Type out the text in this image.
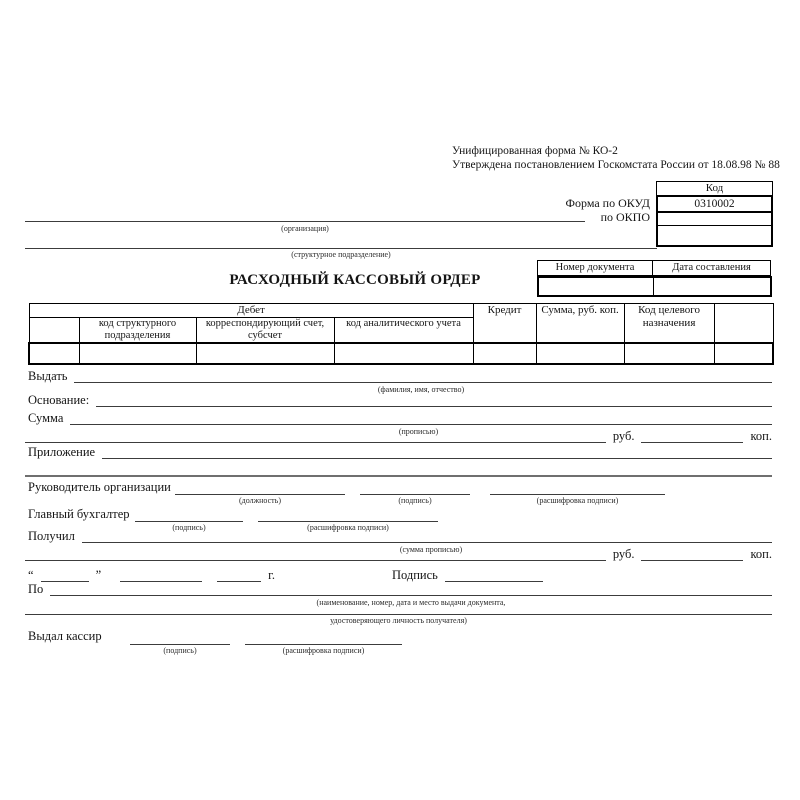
Унифицированная форма № КО-2
Утверждена постановлением Госкомстата России от 18.08.98 № 88
Код
0310002
Форма по ОКУД
по ОКПО
(организация)
(структурное подразделение)
РАСХОДНЫЙ КАССОВЫЙ ОРДЕР
Номер документа	Дата составления
Дебет				Кредит	Сумма, руб. коп.	Код целевого назначения	
	код структурного подразделения	корреспондирующий счет, субсчет	код аналитического учета				

Выдать
(фамилия, имя, отчество)
Основание:
Сумма
(прописью)	руб.	коп.
Приложение
Руководитель организации
(должность)	(подпись)	(расшифровка подписи)
Главный бухгалтер
(подпись)	(расшифровка подписи)
Получил
(сумма прописью)	руб.	коп.
“	”	г.	Подпись
По
(наименование, номер, дата и место выдачи документа,
удостоверяющего личность получателя)
Выдал кассир
(подпись)	(расшифровка подписи)
